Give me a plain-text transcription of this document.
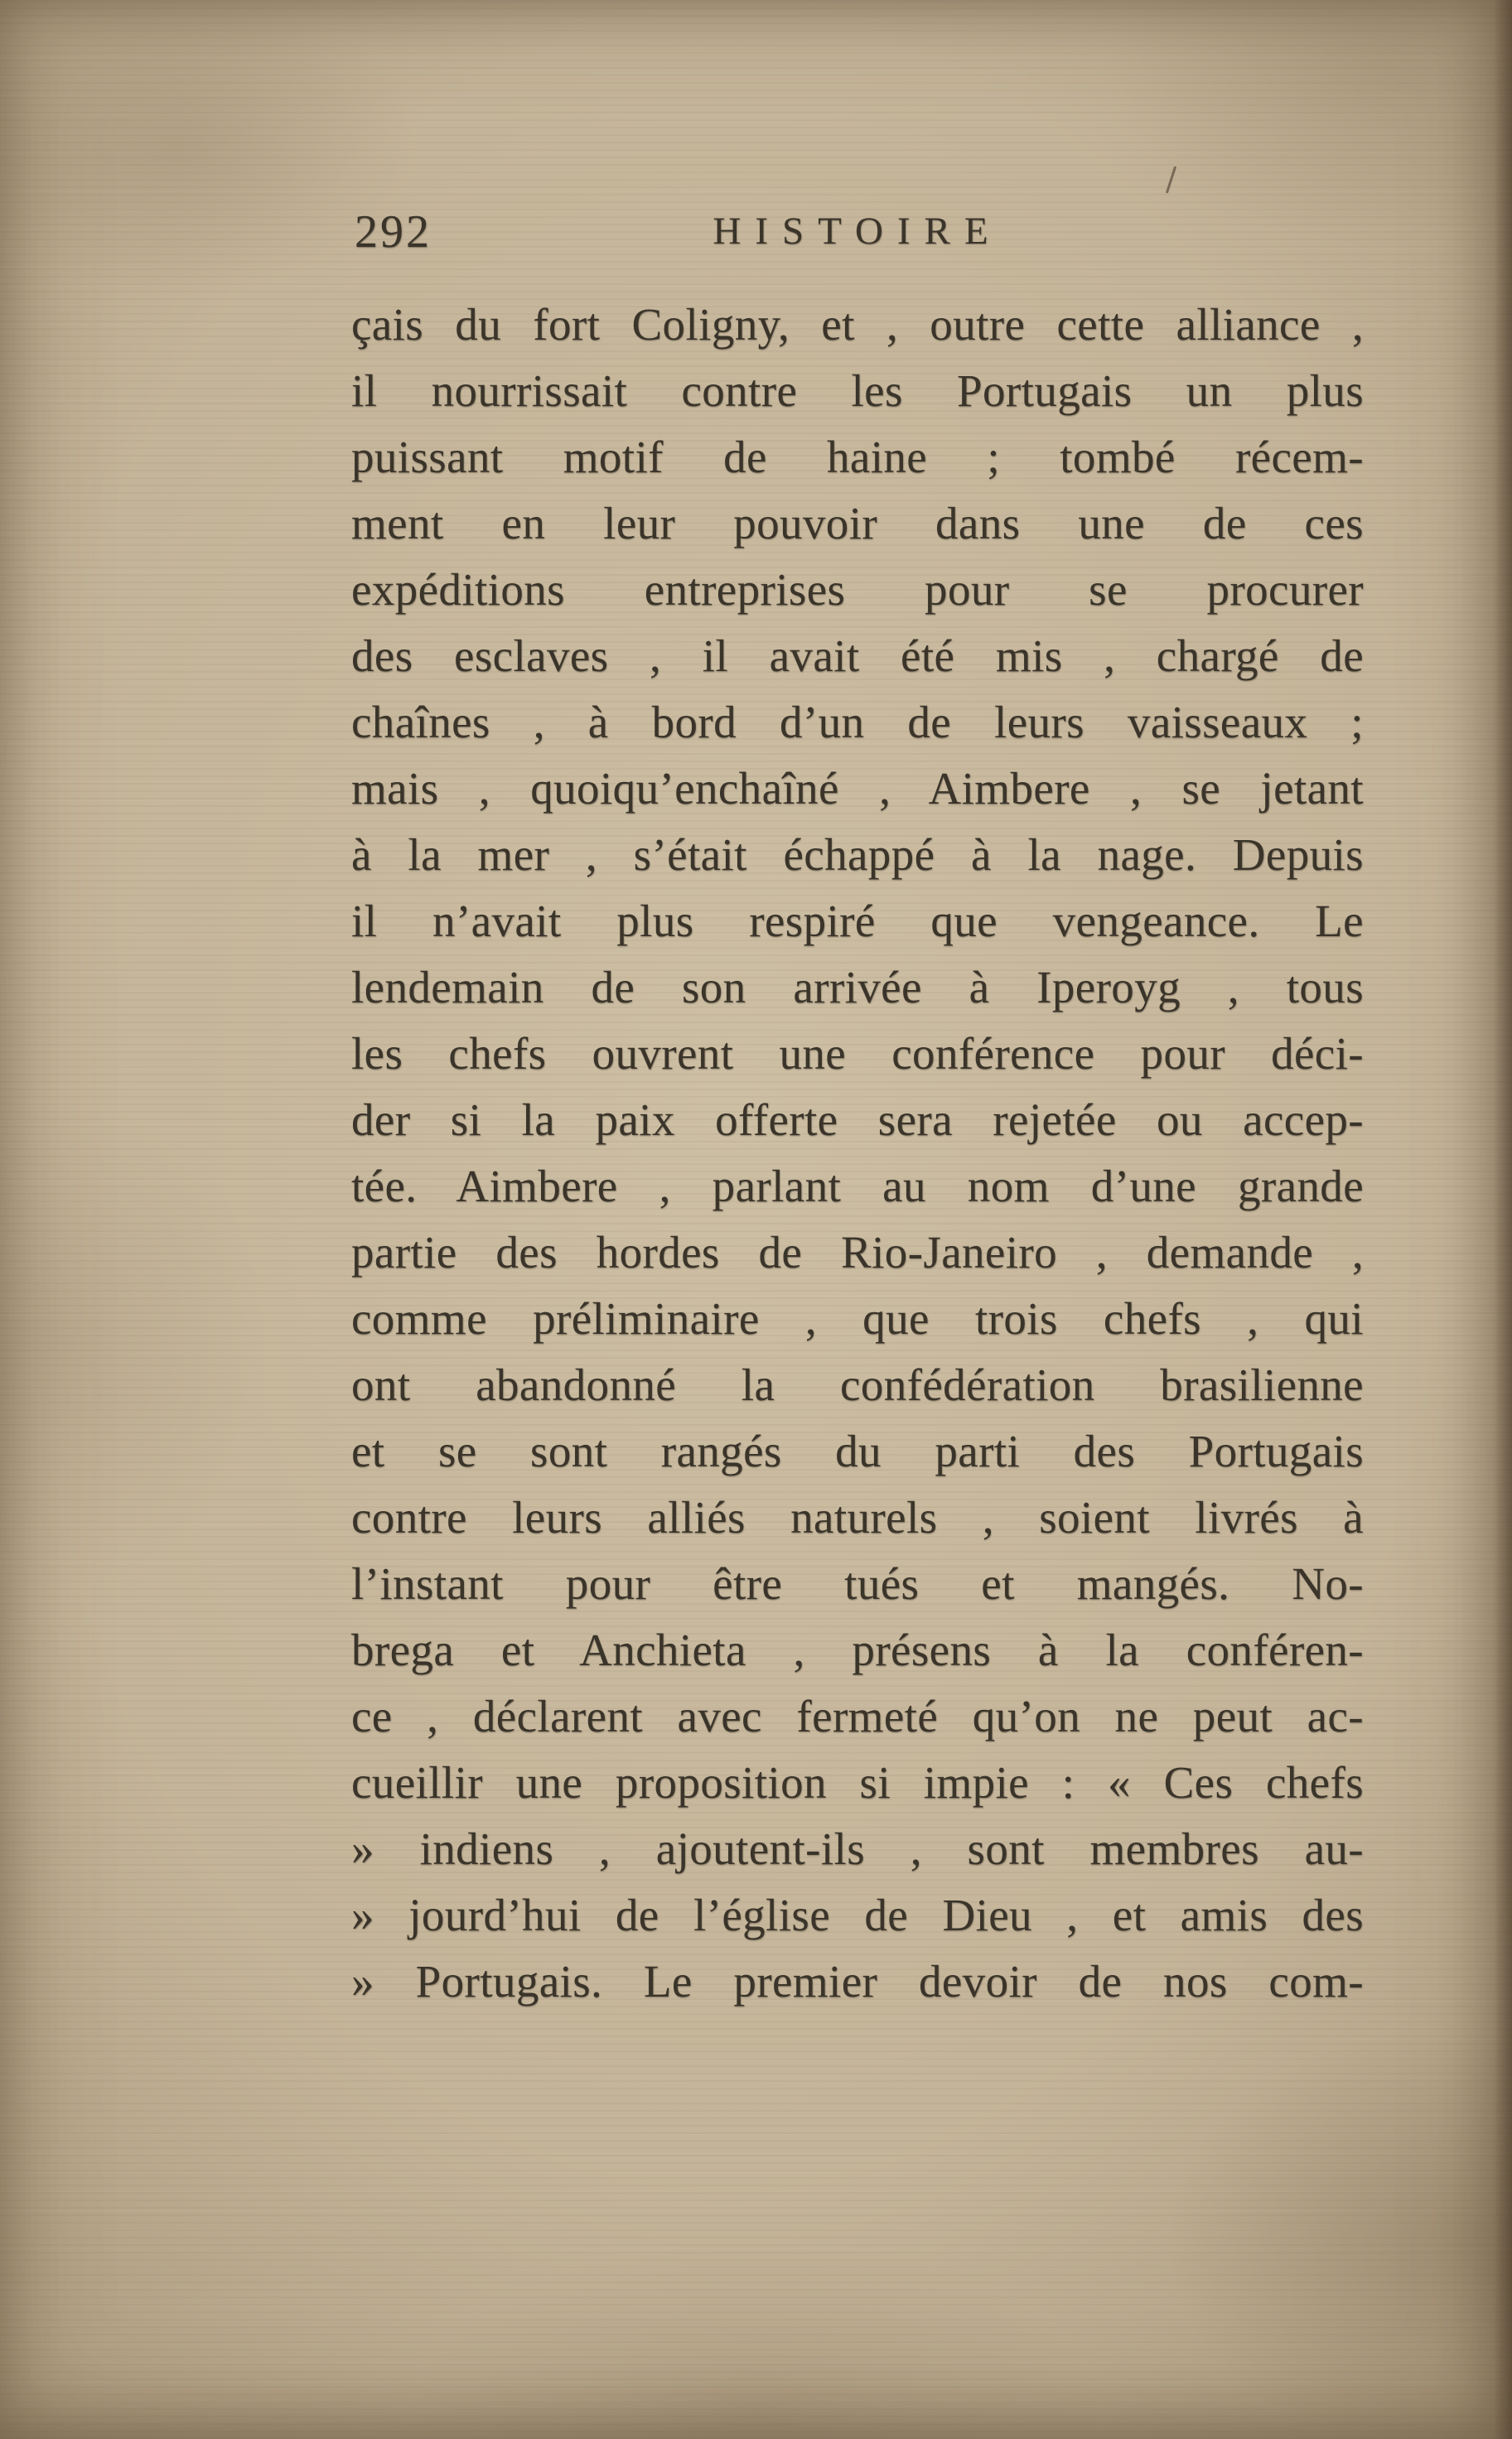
292	HISTOIRE
çais du fort Coligny, et , outre cette alliance ,
il nourrissait contre les Portugais un plus
puissant motif de haine ; tombé récem-
ment en leur pouvoir dans une de ces
expéditions entreprises pour se procurer
des esclaves , il avait été mis , chargé de
chaînes , à bord d’un de leurs vaisseaux ;
mais , quoiqu’enchaîné , Aimbere , se jetant
à la mer , s’était échappé à la nage. Depuis
il n’avait plus respiré que vengeance. Le
lendemain de son arrivée à Iperoyg , tous
les chefs ouvrent une conférence pour déci-
der si la paix offerte sera rejetée ou accep-
tée. Aimbere , parlant au nom d’une grande
partie des hordes de Rio-Janeiro , demande ,
comme préliminaire , que trois chefs , qui
ont abandonné la confédération brasilienne
et se sont rangés du parti des Portugais
contre leurs alliés naturels , soient livrés à
l’instant pour être tués et mangés. No-
brega et Anchieta , présens à la conféren-
ce , déclarent avec fermeté qu’on ne peut ac-
cueillir une proposition si impie : « Ces chefs
» indiens , ajoutent-ils , sont membres au-
» jourd’hui de l’église de Dieu , et amis des
» Portugais. Le premier devoir de nos com-
